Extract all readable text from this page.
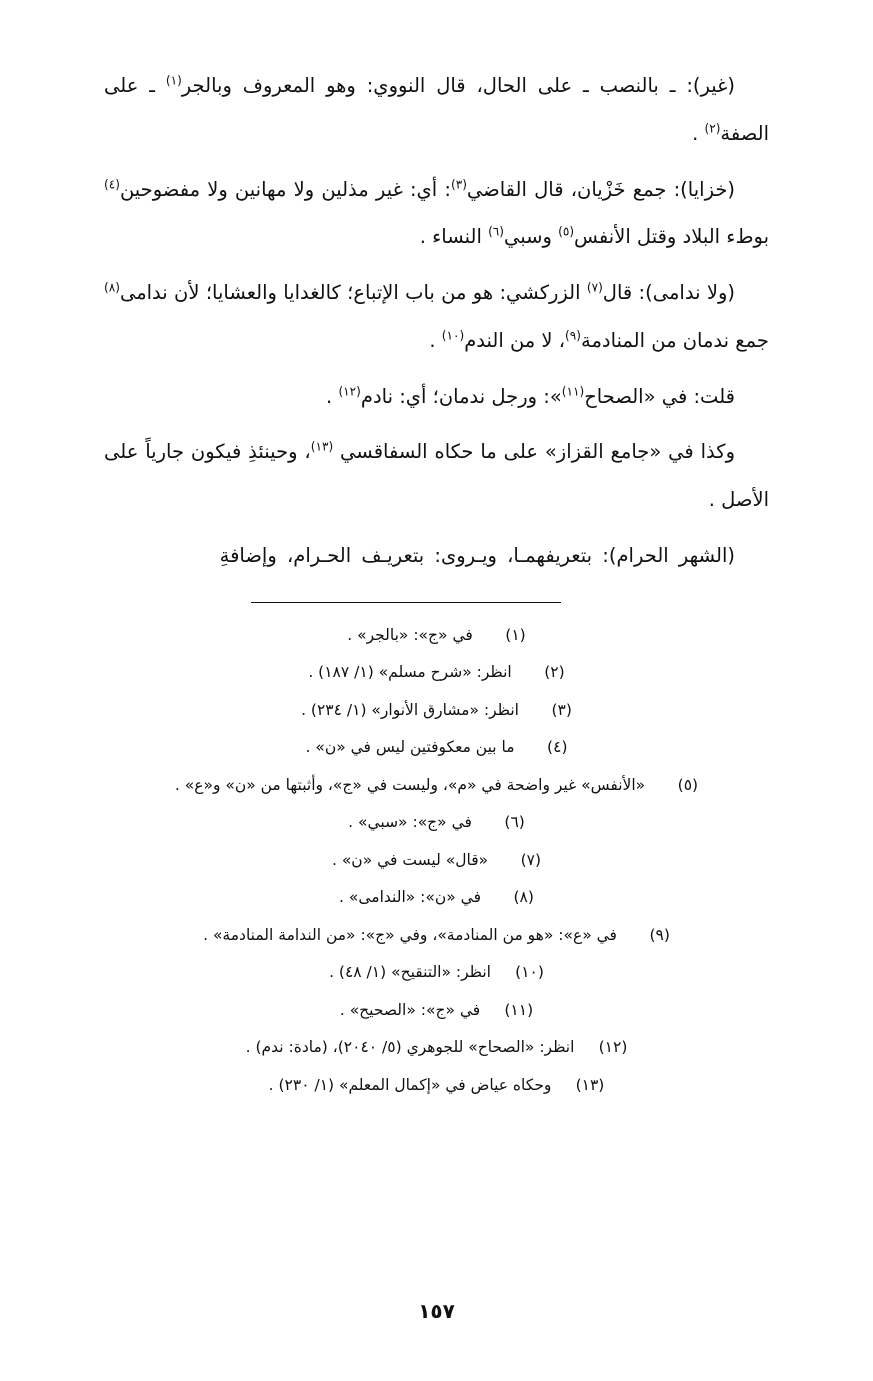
(غير): ـ بالنصب ـ على الحال، قال النووي: وهو المعروف وبالجر$^{(١)}$ ـ على الصفة$^{(٢)}$ .

(خزايا): جمع خَزْيان، قال القاضي$^{(٣)}$: أي: غير مذلين ولا مهانين ولا مفضوحين$^{(٤)}$ بوطء البلاد وقتل الأنفس$^{(٥)}$ وسبي$^{(٦)}$ النساء .

(ولا ندامى): قال$^{(٧)}$ الزركشي: هو من باب الإتباع؛ كالغدايا والعشايا؛ لأن ندامى$^{(٨)}$ جمع ندمان من المنادمة$^{(٩)}$، لا من الندم$^{(١٠)}$ .

قلت: في «الصحاح$^{(١١)}$»: ورجل ندمان؛ أي: نادم$^{(١٢)}$ .

وكذا في «جامع القزاز» على ما حكاه السفاقسي $^{(١٣)}$، وحينئذِ فيكون جارياً على الأصل .

(الشهر الحرام): بتعريفهمـا، ويـروى: بتعريـف الحـرام، وإضافةِ

(١) في «ج»: «بالجر» .
(٢) انظر: «شرح مسلم» (١/ ١٨٧) .
(٣) انظر: «مشارق الأنوار» (١/ ٢٣٤) .
(٤) ما بين معكوفتين ليس في «ن» .
(٥) «الأنفس» غير واضحة في «م»، وليست في «ج»، وأثبتها من «ن» و«ع» .
(٦) في «ج»: «سبي» .
(٧) «قال» ليست في «ن» .
(٨) في «ن»: «الندامى» .
(٩) في «ع»: «هو من المنادمة»، وفي «ج»: «من الندامة المنادمة» .
(١٠) انظر: «التنقيح» (١/ ٤٨) .
(١١) في «ج»: «الصحيح» .
(١٢) انظر: «الصحاح» للجوهري (٥/ ٢٠٤٠)، (مادة: ندم) .
(١٣) وحكاه عياض في «إكمال المعلم» (١/ ٢٣٠) .
١٥٧
